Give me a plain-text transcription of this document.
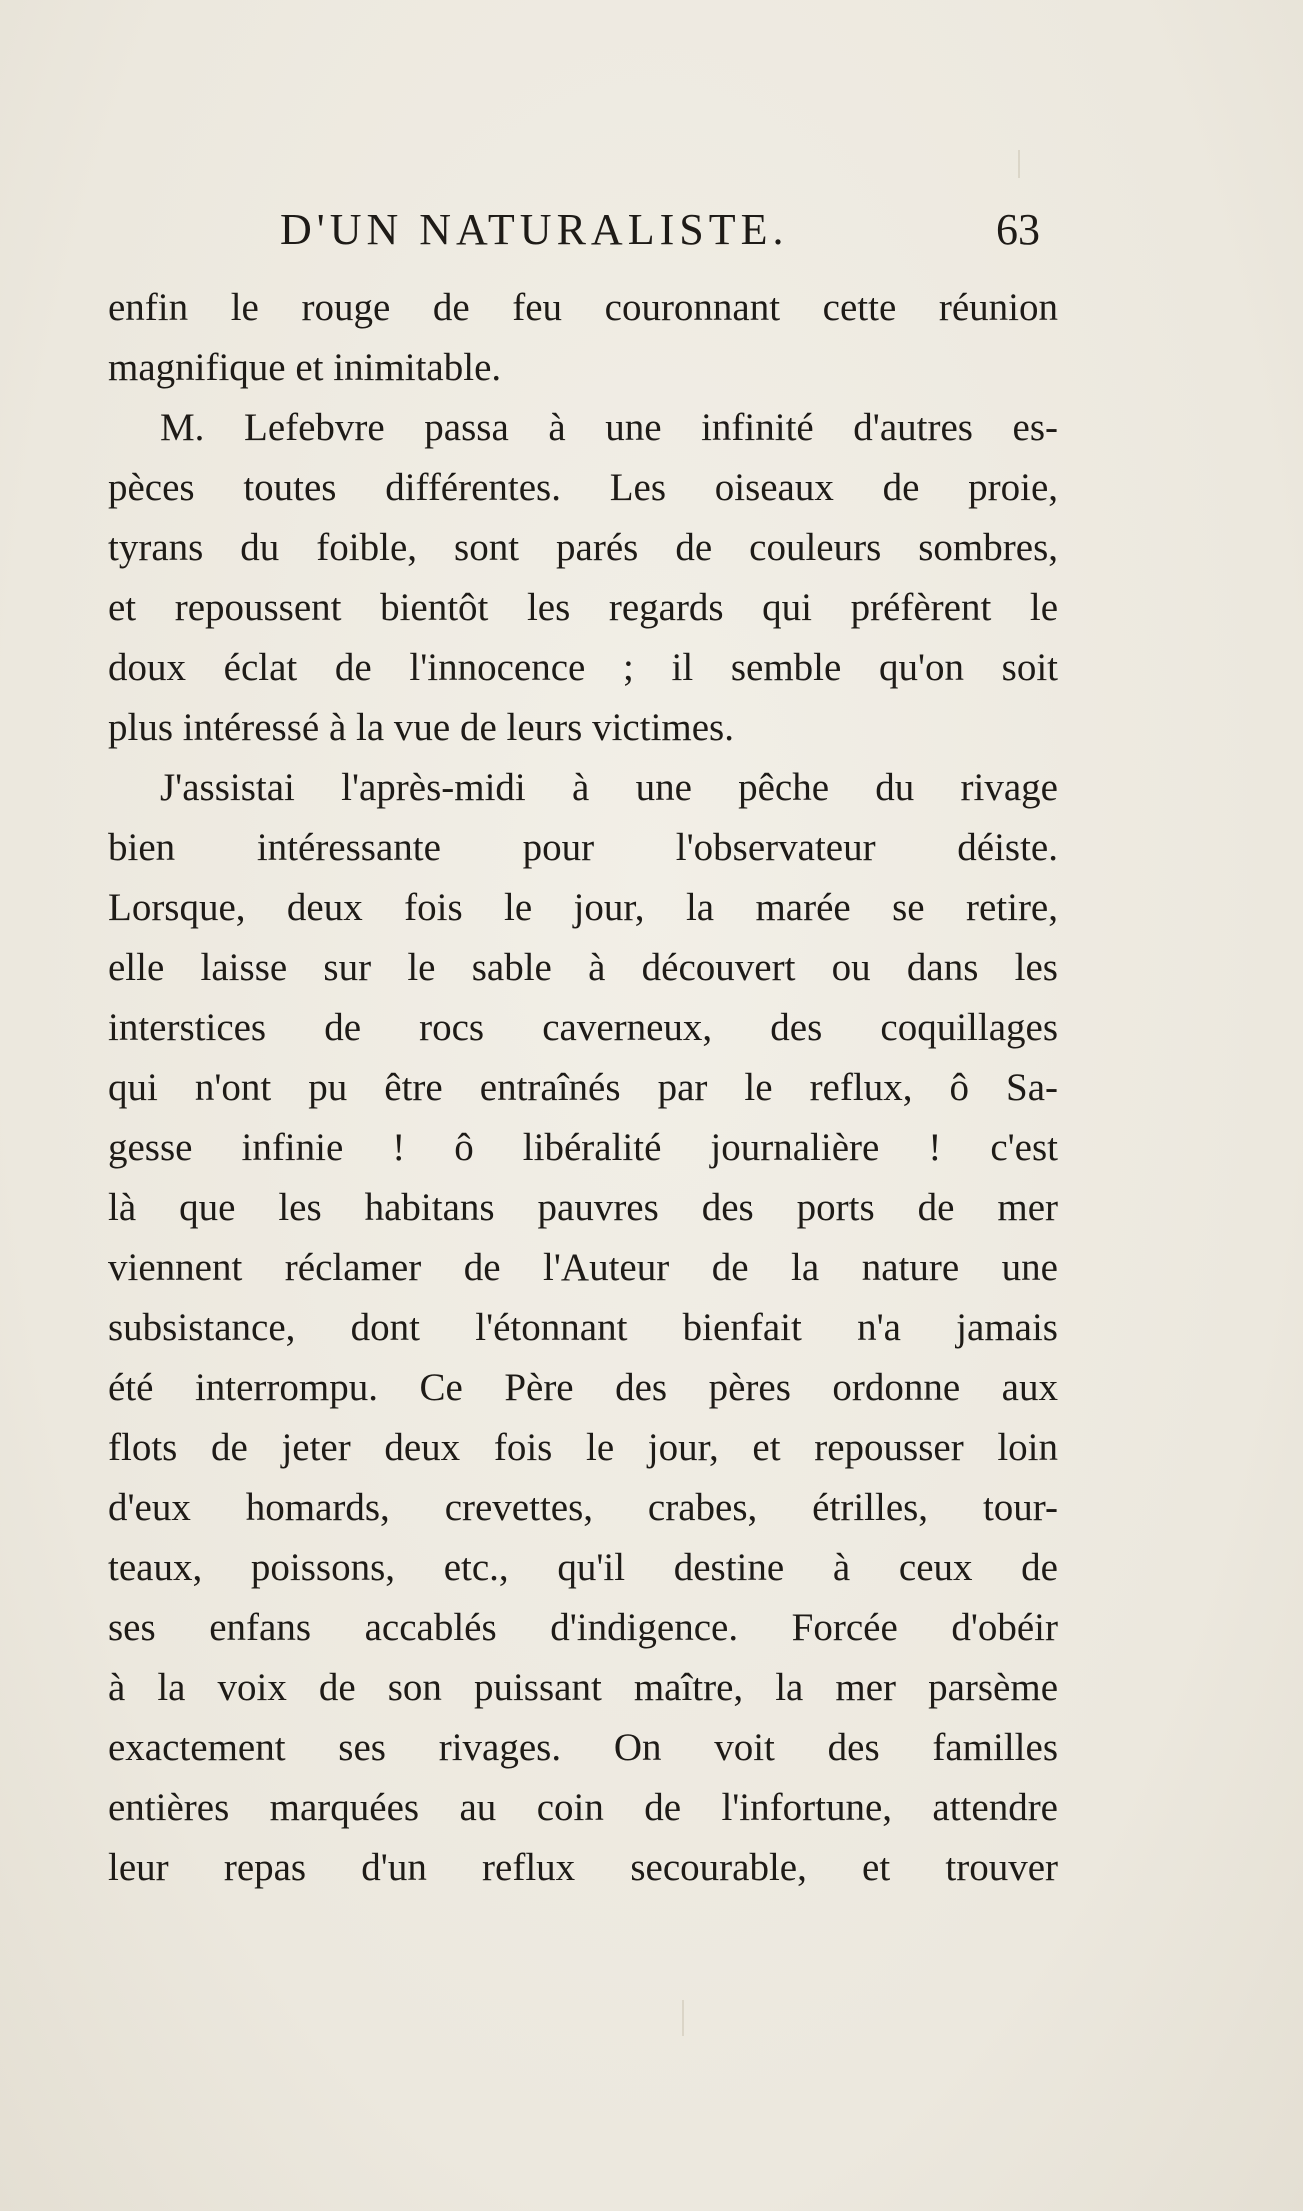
D'UN NATURALISTE.	63
enfin le rouge de feu couronnant cette réunion
magnifique et inimitable.
M. Lefebvre passa à une infinité d'autres es-
pèces toutes différentes. Les oiseaux de proie,
tyrans du foible, sont parés de couleurs sombres,
et repoussent bientôt les regards qui préfèrent le
doux éclat de l'innocence ; il semble qu'on soit
plus intéressé à la vue de leurs victimes.
J'assistai l'après-midi à une pêche du rivage
bien intéressante pour l'observateur déiste.
Lorsque, deux fois le jour, la marée se retire,
elle laisse sur le sable à découvert ou dans les
interstices de rocs caverneux, des coquillages
qui n'ont pu être entraînés par le reflux, ô Sa-
gesse infinie ! ô libéralité journalière ! c'est
là que les habitans pauvres des ports de mer
viennent réclamer de l'Auteur de la nature une
subsistance, dont l'étonnant bienfait n'a jamais
été interrompu. Ce Père des pères ordonne aux
flots de jeter deux fois le jour, et repousser loin
d'eux homards, crevettes, crabes, étrilles, tour-
teaux, poissons, etc., qu'il destine à ceux de
ses enfans accablés d'indigence. Forcée d'obéir
à la voix de son puissant maître, la mer parsème
exactement ses rivages. On voit des familles
entières marquées au coin de l'infortune, attendre
leur repas d'un reflux secourable, et trouver
